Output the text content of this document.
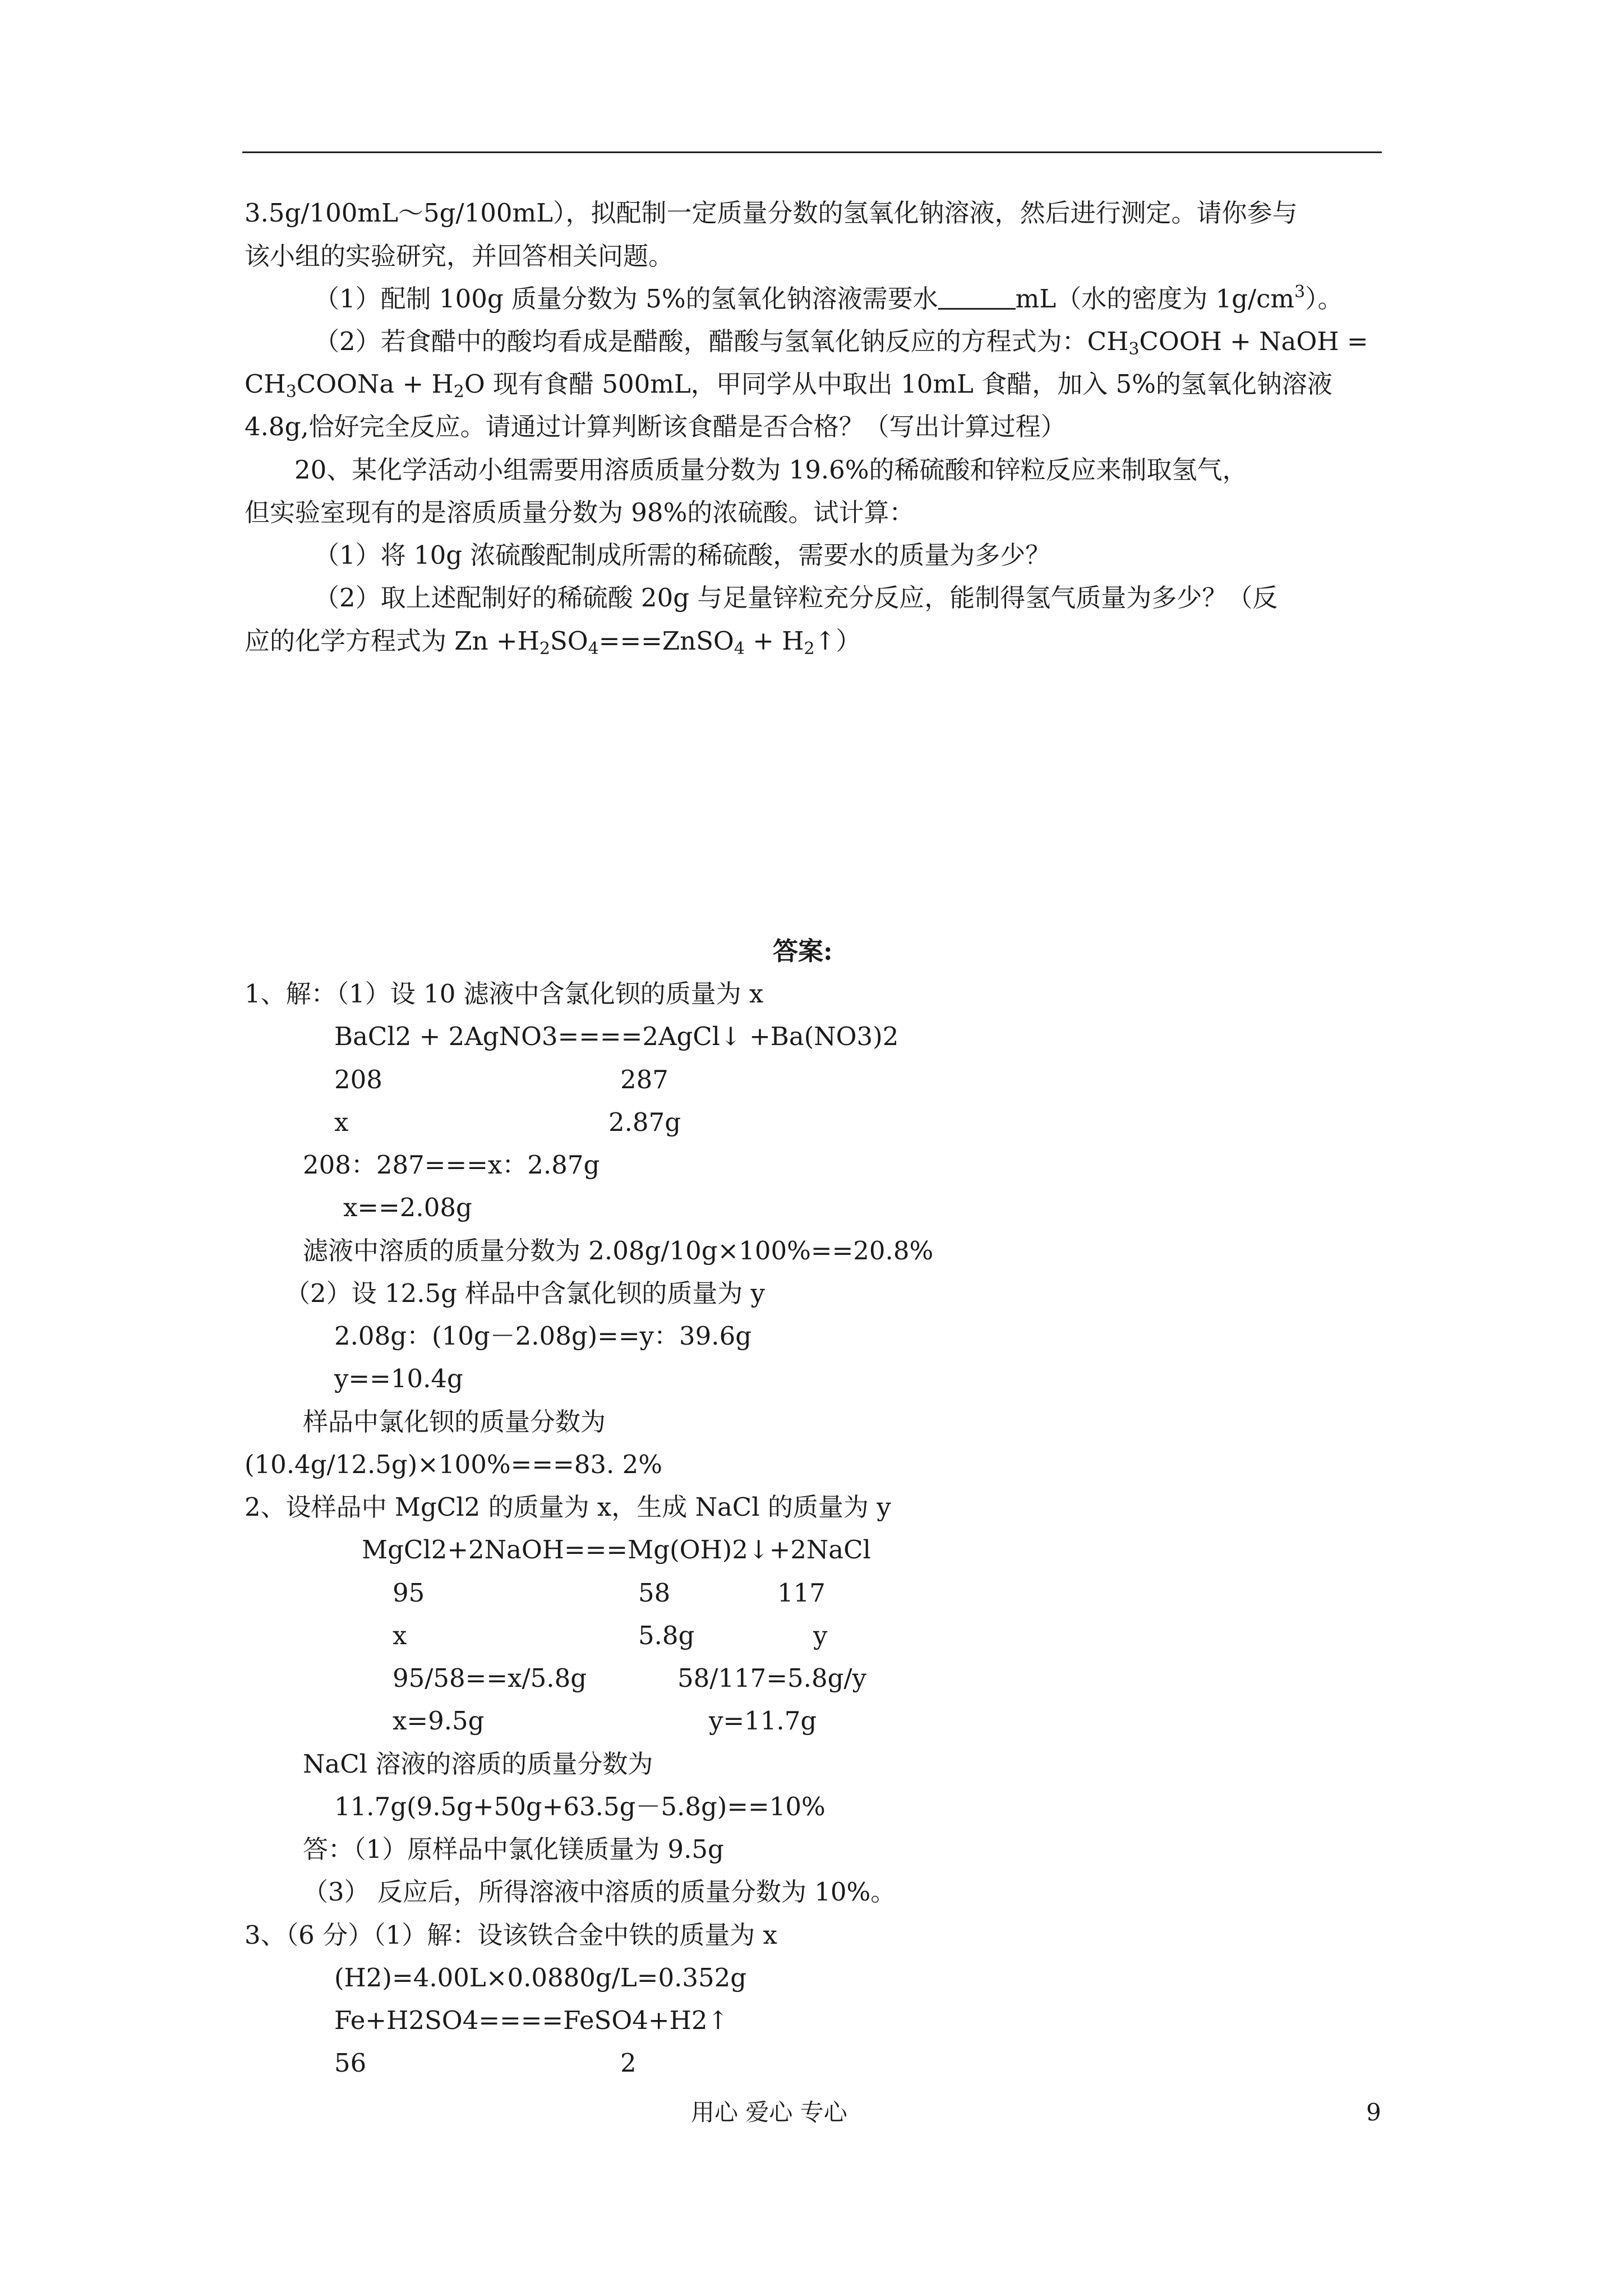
3.5g/100mL～5g/100mL），拟配制一定质量分数的氢氧化钠溶液，然后进行测定。请你参与
该小组的实验研究，并回答相关问题。
（1）配制 100g 质量分数为 5%的氢氧化钠溶液需要水	mL（水的密度为 $1g/cm^3$）。
（2）若食醋中的酸均看成是醋酸，醋酸与氢氧化钠反应的方程式为：$CH_3COOH$ + NaOH =
$CH_3COONa + H_2O$ 现有食醋 500mL，甲同学从中取出 10mL 食醋，加入 5%的氢氧化钠溶液
4.8g,恰好完全反应。请通过计算判断该食醋是否合格？（写出计算过程）
20、某化学活动小组需要用溶质质量分数为 19.6%的稀硫酸和锌粒反应来制取氢气，
但实验室现有的是溶质质量分数为 98%的浓硫酸。试计算：
（1）将 10g 浓硫酸配制成所需的稀硫酸，需要水的质量为多少？
（2）取上述配制好的稀硫酸 20g 与足量锌粒充分反应，能制得氢气质量为多少？（反
应的化学方程式为 $Zn +H_2SO_4===ZnSO_4$ + $H_2↑$）
答案:
1、解：（1）设 10 滤液中含氯化钡的质量为 x
BaCl2 + 2AgNO3====2AgCl↓ +Ba(NO3)2
208	287
x	2.87g
208：287===x：2.87g
x==2.08g
滤液中溶质的质量分数为 2.08g/10g×100%==20.8%
（2）设 12.5g 样品中含氯化钡的质量为 y
2.08g：(10g－2.08g)==y：39.6g
y==10.4g
样品中氯化钡的质量分数为
(10.4g/12.5g)×100%===83. 2%
2、设样品中 MgCl2 的质量为 x，生成 NaCl 的质量为 y
MgCl2+2NaOH===Mg(OH)2↓+2NaCl
95	58	117
x	5.8g	y
95/58==x/5.8g	58/117=5.8g/y
x=9.5g	y=11.7g
NaCl 溶液的溶质的质量分数为
11.7g(9.5g+50g+63.5g－5.8g)==10%
答：（1）原样品中氯化镁质量为 9.5g
（3） 反应后，所得溶液中溶质的质量分数为 10%。
3、（6 分）（1）解：设该铁合金中铁的质量为 x
(H2)=4.00L×0.0880g/L=0.352g
Fe+H2SO4====FeSO4+H2↑
56	2
用心 爱心 专心	9
